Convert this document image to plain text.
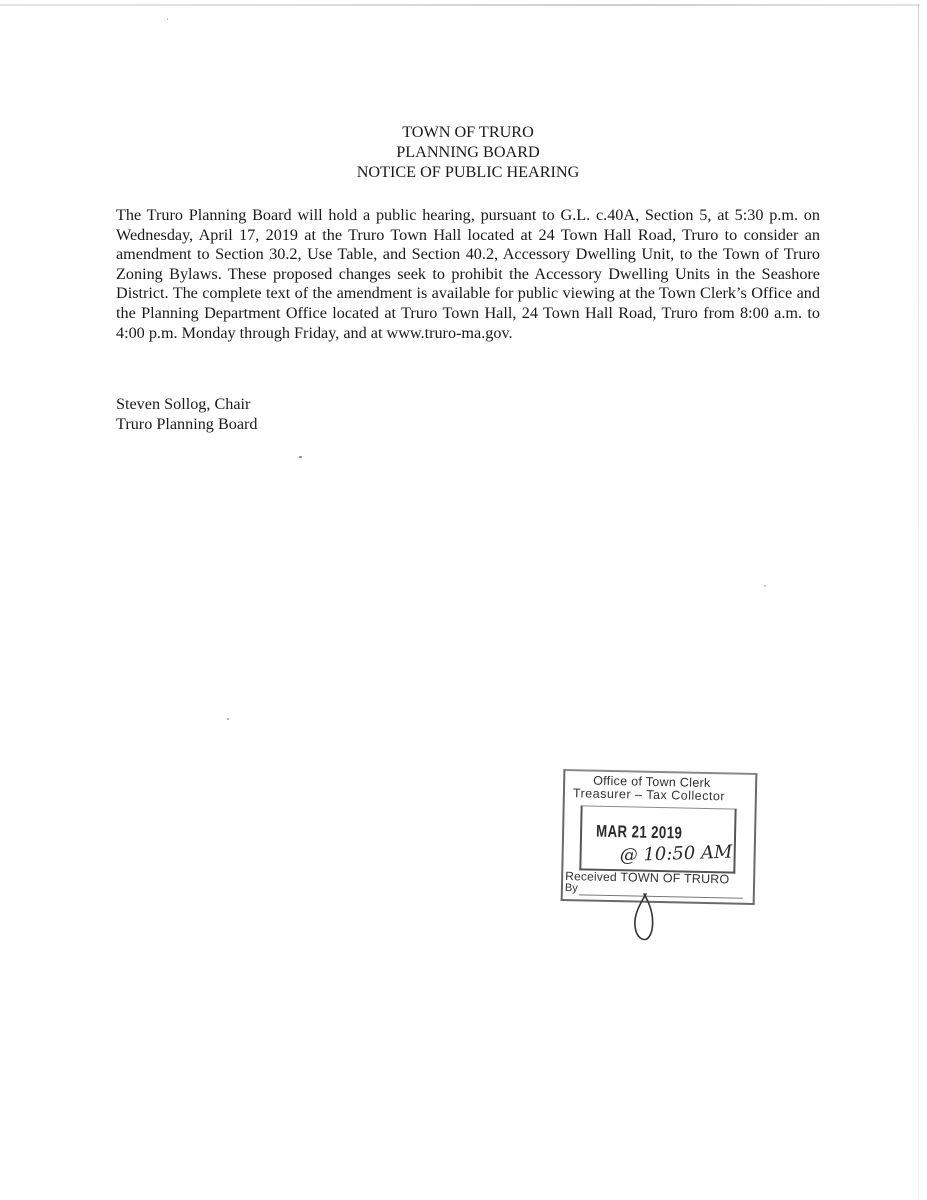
TOWN OF TRURO
PLANNING BOARD
NOTICE OF PUBLIC HEARING

The Truro Planning Board will hold a public hearing, pursuant to G.L. c.40A, Section 5, at 5:30 p.m. on Wednesday, April 17, 2019 at the Truro Town Hall located at 24 Town Hall Road, Truro to consider an amendment to Section 30.2, Use Table, and Section 40.2, Accessory Dwelling Unit, to the Town of Truro Zoning Bylaws. These proposed changes seek to prohibit the Accessory Dwelling Units in the Seashore District. The complete text of the amendment is available for public viewing at the Town Clerk’s Office and the Planning Department Office located at Truro Town Hall, 24 Town Hall Road, Truro from 8:00 a.m. to 4:00 p.m. Monday through Friday, and at www.truro-ma.gov.

Steven Sollog, Chair
Truro Planning Board
Office of Town Clerk
Treasurer – Tax Collector
MAR 21 2019
@ 10:50 AM
Received TOWN OF TRURO
By
